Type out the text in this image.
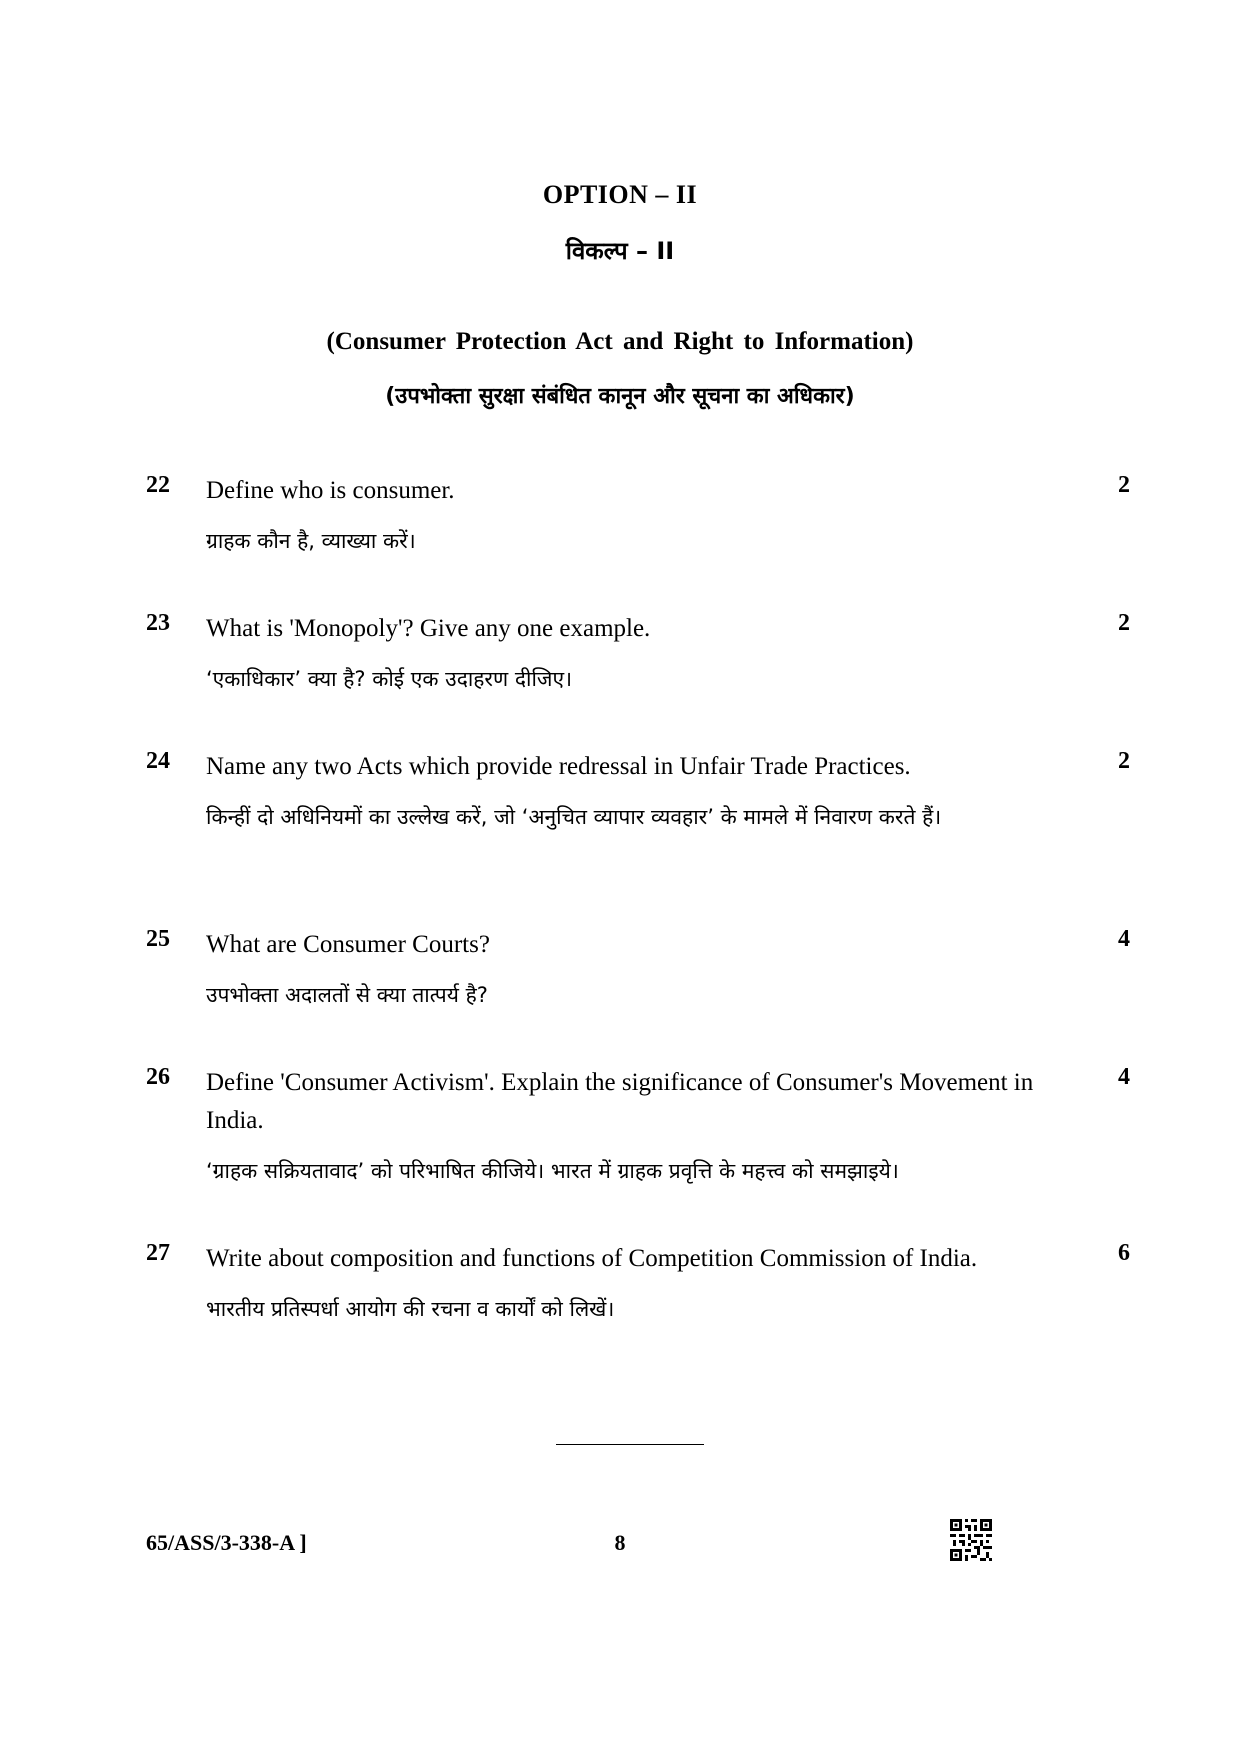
OPTION – II
विकल्प – II
(Consumer Protection Act and Right to Information)
(उपभोक्ता सुरक्षा संबंधित कानून और सूचना का अधिकार)
22 Define who is consumer.
ग्राहक कौन है, व्याख्या करें।
2
23 What is 'Monopoly'? Give any one example.
‘एकाधिकार’ क्या है? कोई एक उदाहरण दीजिए।
2
24 Name any two Acts which provide redressal in Unfair Trade Practices.
किन्हीं दो अधिनियमों का उल्लेख करें, जो ‘अनुचित व्यापार व्यवहार’ के मामले में निवारण करते हैं।
2
25 What are Consumer Courts?
उपभोक्ता अदालतों से क्या तात्पर्य है?
4
26 Define 'Consumer Activism'. Explain the significance of Consumer's Movement in India.
‘ग्राहक सक्रियतावाद’ को परिभाषित कीजिये। भारत में ग्राहक प्रवृत्ति के महत्त्व को समझाइये।
4
27 Write about composition and functions of Competition Commission of India.
भारतीय प्रतिस्पर्धा आयोग की रचना व कार्यों को लिखें।
6
65/ASS/3-338-A ]	8
